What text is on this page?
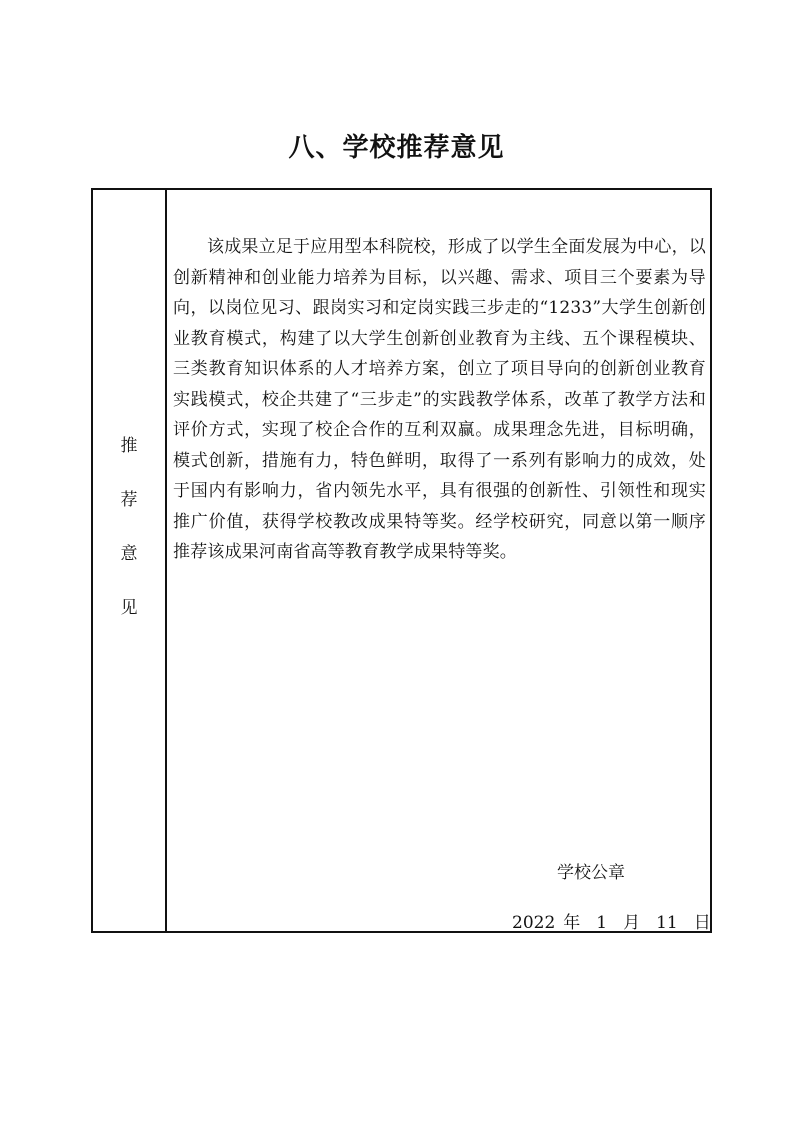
八、学校推荐意见
推
荐
意
见

该成果立足于应用型本科院校，形成了以学生全面发展为中心，以创新精神和创业能力培养为目标，以兴趣、需求、项目三个要素为导向，以岗位见习、跟岗实习和定岗实践三步走的“1233”大学生创新创业教育模式，构建了以大学生创新创业教育为主线、五个课程模块、三类教育知识体系的人才培养方案，创立了项目导向的创新创业教育实践模式，校企共建了“三步走”的实践教学体系，改革了教学方法和评价方式，实现了校企合作的互利双赢。成果理念先进，目标明确，模式创新，措施有力，特色鲜明，取得了一系列有影响力的成效，处于国内有影响力，省内领先水平，具有很强的创新性、引领性和现实推广价值，获得学校教改成果特等奖。经学校研究，同意以第一顺序推荐该成果河南省高等教育教学成果特等奖。

学校公章
2022 年 1 月 11 日
